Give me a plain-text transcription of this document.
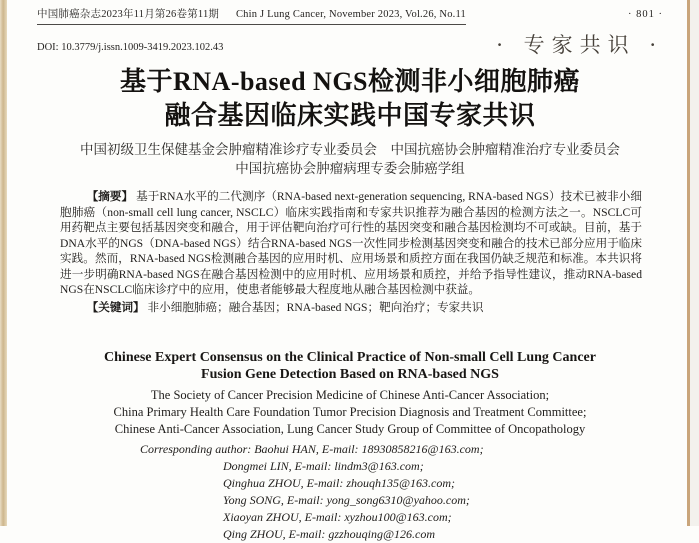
中国肺癌杂志2023年11月第26卷第11期 Chin J Lung Cancer, November 2023, Vol.26, No.11	· 801 ·
DOI: 10.3779/j.issn.1009-3419.2023.102.43	· 专家共识 ·
基于RNA-based NGS检测非小细胞肺癌
融合基因临床实践中国专家共识
中国初级卫生保健基金会肿瘤精准诊疗专业委员会　中国抗癌协会肿瘤精准治疗专业委员会
中国抗癌协会肿瘤病理专委会肺癌学组
【摘要】 基于RNA水平的二代测序（RNA-based next-generation sequencing, RNA-based NGS）技术已被非小细胞肺癌（non-small cell lung cancer, NSCLC）临床实践指南和专家共识推荐为融合基因的检测方法之一。NSCLC可用药靶点主要包括基因突变和融合，用于评估靶向治疗可行性的基因突变和融合基因检测均不可或缺。目前，基于DNA水平的NGS（DNA-based NGS）结合RNA-based NGS一次性同步检测基因突变和融合的技术已部分应用于临床实践。然而，RNA-based NGS检测融合基因的应用时机、应用场景和质控方面在我国仍缺乏规范和标准。本共识将进一步明确RNA-based NGS在融合基因检测中的应用时机、应用场景和质控，并给予指导性建议，推动RNA-based NGS在NSCLC临床诊疗中的应用，使患者能够最大程度地从融合基因检测中获益。
【关键词】 非小细胞肺癌；融合基因；RNA-based NGS；靶向治疗；专家共识
Chinese Expert Consensus on the Clinical Practice of Non-small Cell Lung Cancer
Fusion Gene Detection Based on RNA-based NGS
The Society of Cancer Precision Medicine of Chinese Anti-Cancer Association;
China Primary Health Care Foundation Tumor Precision Diagnosis and Treatment Committee;
Chinese Anti-Cancer Association, Lung Cancer Study Group of Committee of Oncopathology
Corresponding author: Baohui HAN, E-mail: 18930858216@163.com;
Dongmei LIN, E-mail: lindm3@163.com;
Qinghua ZHOU, E-mail: zhouqh135@163.com;
Yong SONG, E-mail: yong_song6310@yahoo.com;
Xiaoyan ZHOU, E-mail: xyzhou100@163.com;
Qing ZHOU, E-mail: gzzhouqing@126.com
